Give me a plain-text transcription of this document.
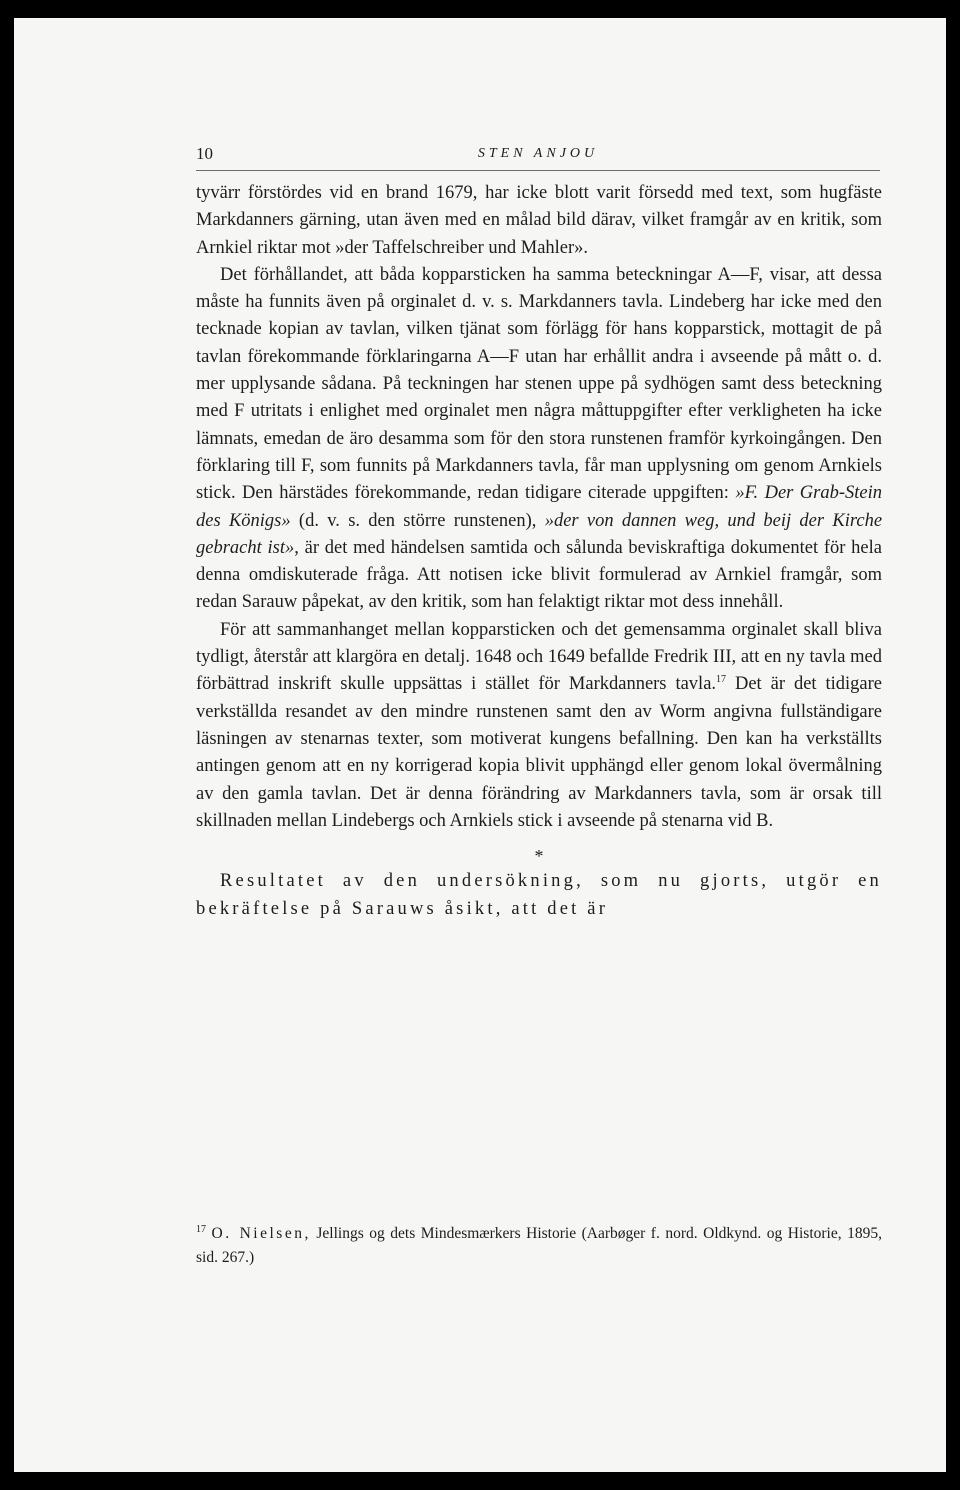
10	STEN ANJOU

tyvärr förstördes vid en brand 1679, har icke blott varit försedd med text, som hugfäste Markdanners gärning, utan även med en målad bild därav, vilket framgår av en kritik, som Arnkiel riktar mot »der Taffelschreiber und Mahler».

Det förhållandet, att båda kopparsticken ha samma beteckningar A—F, visar, att dessa måste ha funnits även på orginalet d. v. s. Markdanners tavla. Lindeberg har icke med den tecknade kopian av tavlan, vilken tjänat som förlägg för hans kopparstick, mottagit de på tavlan förekommande förklaringarna A—F utan har erhållit andra i avseende på mått o. d. mer upplysande sådana. På teckningen har stenen uppe på sydhögen samt dess beteckning med F utritats i enlighet med orginalet men några måttuppgifter efter verkligheten ha icke lämnats, emedan de äro desamma som för den stora runstenen framför kyrkoingången. Den förklaring till F, som funnits på Markdanners tavla, får man upplysning om genom Arnkiels stick. Den härstädes förekommande, redan tidigare citerade uppgiften: »F. Der Grab-Stein des Königs» (d. v. s. den större runstenen), »der von dannen weg, und beij der Kirche gebracht ist», är det med händelsen samtida och sålunda beviskraftiga dokumentet för hela denna omdiskuterade fråga. Att notisen icke blivit formulerad av Arnkiel framgår, som redan Sarauw påpekat, av den kritik, som han felaktigt riktar mot dess innehåll.

För att sammanhanget mellan kopparsticken och det gemensamma orginalet skall bliva tydligt, återstår att klargöra en detalj. 1648 och 1649 befallde Fredrik III, att en ny tavla med förbättrad inskrift skulle uppsättas i stället för Markdanners tavla.$^{17}$ Det är det tidigare verkställda resandet av den mindre runstenen samt den av Worm angivna fullständigare läsningen av stenarnas texter, som motiverat kungens befallning. Den kan ha verkställts antingen genom att en ny korrigerad kopia blivit upphängd eller genom lokal övermålning av den gamla tavlan. Det är denna förändring av Markdanners tavla, som är orsak till skillnaden mellan Lindebergs och Arnkiels stick i avseende på stenarna vid B.

*

Resultatet av den undersökning, som nu gjorts, utgör en bekräftelse på Sarauws åsikt, att det är

$^{17}$ O. Nielsen, Jellings og dets Mindesmærkers Historie (Aarbøger f. nord. Oldkynd. og Historie, 1895, sid. 267.)
